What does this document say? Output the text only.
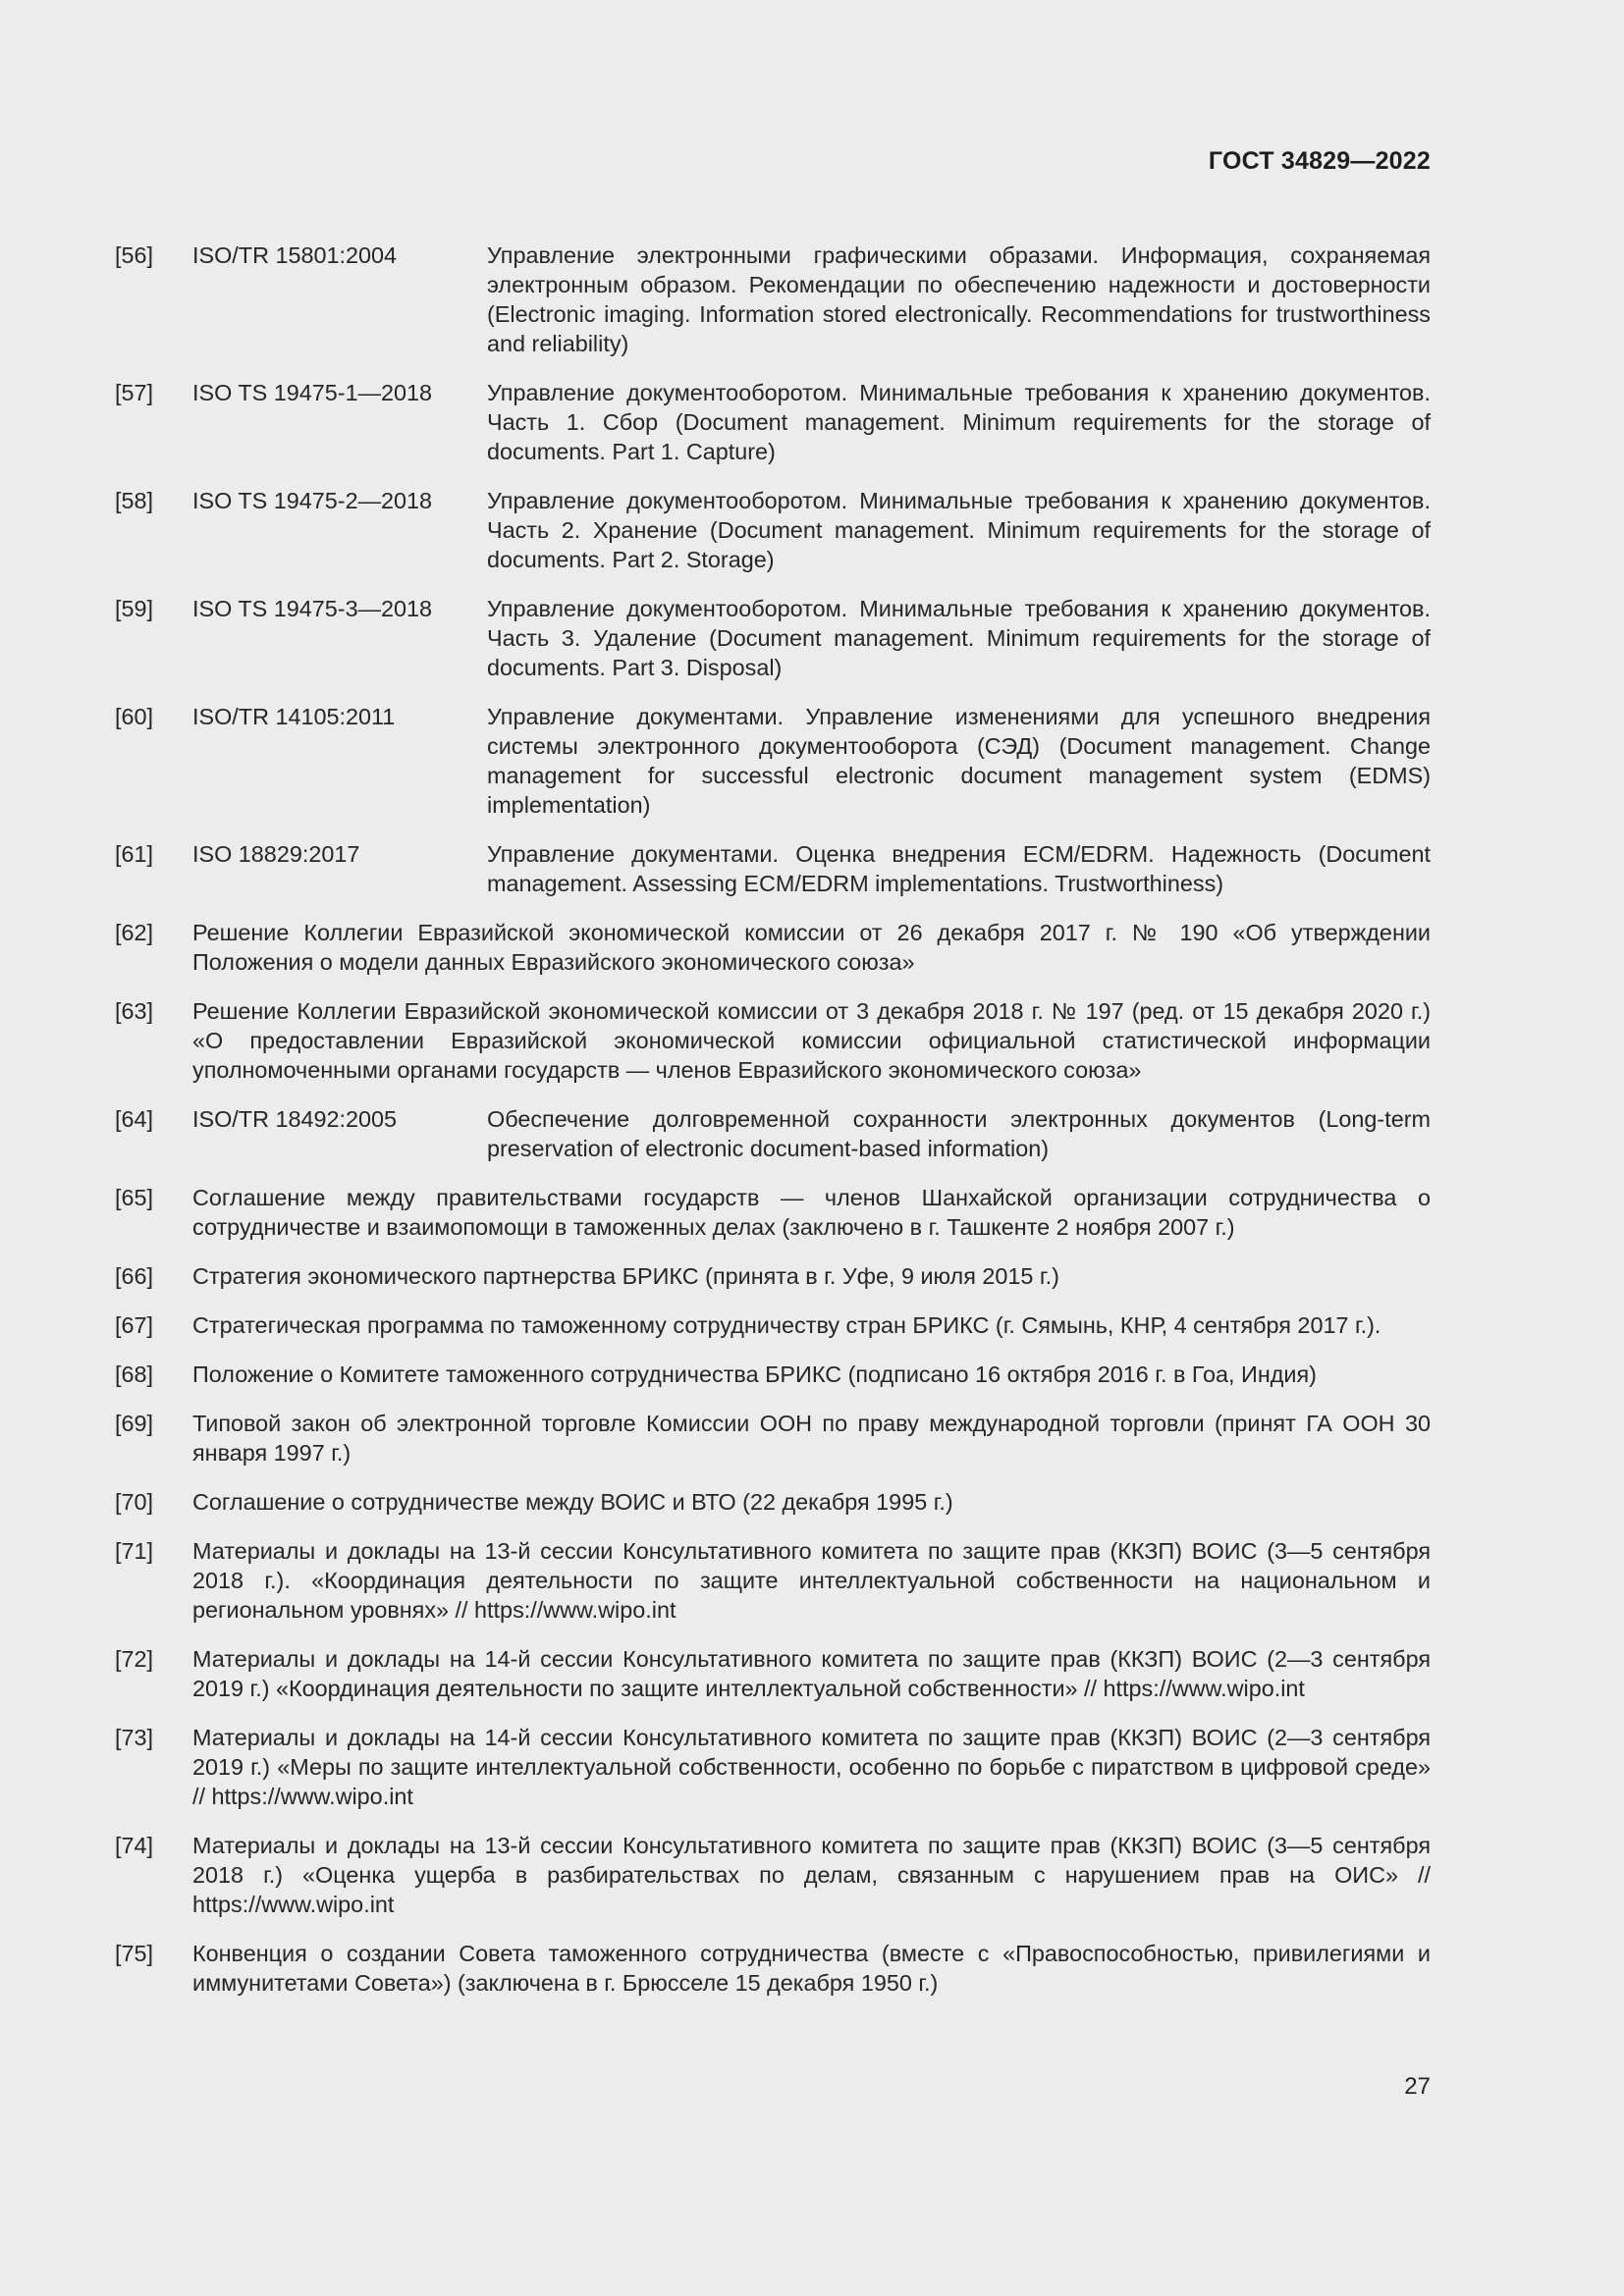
ГОСТ 34829—2022
[56]	ISO/TR 15801:2004	Управление электронными графическими образами. Информация, сохраняемая электронным образом. Рекомендации по обеспечению надежности и достоверности (Electronic imaging. Information stored electronically. Recommendations for trustworthiness and reliability)
[57]	ISO TS 19475-1—2018	Управление документооборотом. Минимальные требования к хранению документов. Часть 1. Сбор (Document management. Minimum requirements for the storage of documents. Part 1. Capture)
[58]	ISO TS 19475-2—2018	Управление документооборотом. Минимальные требования к хранению документов. Часть 2. Хранение (Document management. Minimum requirements for the storage of documents. Part 2. Storage)
[59]	ISO TS 19475-3—2018	Управление документооборотом. Минимальные требования к хранению документов. Часть 3. Удаление (Document management. Minimum requirements for the storage of documents. Part 3. Disposal)
[60]	ISO/TR 14105:2011	Управление документами. Управление изменениями для успешного внедрения системы электронного документооборота (СЭД) (Document management. Change management for successful electronic document management system (EDMS) implementation)
[61]	ISO 18829:2017	Управление документами. Оценка внедрения ECM/EDRM. Надежность (Document management. Assessing ECM/EDRM implementations. Trustworthiness)
[62]	Решение Коллегии Евразийской экономической комиссии от 26 декабря 2017 г. № 190 «Об утверждении Положения о модели данных Евразийского экономического союза»
[63]	Решение Коллегии Евразийской экономической комиссии от 3 декабря 2018 г. № 197 (ред. от 15 декабря 2020 г.) «О предоставлении Евразийской экономической комиссии официальной статистической информации уполномоченными органами государств — членов Евразийского экономического союза»
[64]	ISO/TR 18492:2005	Обеспечение долговременной сохранности электронных документов (Long-term preservation of electronic document-based information)
[65]	Соглашение между правительствами государств — членов Шанхайской организации сотрудничества о сотрудничестве и взаимопомощи в таможенных делах (заключено в г. Ташкенте 2 ноября 2007 г.)
[66]	Стратегия экономического партнерства БРИКС (принята в г. Уфе, 9 июля 2015 г.)
[67]	Стратегическая программа по таможенному сотрудничеству стран БРИКС (г. Сямынь, КНР, 4 сентября 2017 г.).
[68]	Положение о Комитете таможенного сотрудничества БРИКС (подписано 16 октября 2016 г. в Гоа, Индия)
[69]	Типовой закон об электронной торговле Комиссии ООН по праву международной торговли (принят ГА ООН 30 января 1997 г.)
[70]	Соглашение о сотрудничестве между ВОИС и ВТО (22 декабря 1995 г.)
[71]	Материалы и доклады на 13-й сессии Консультативного комитета по защите прав (ККЗП) ВОИС (3—5 сентября 2018 г.). «Координация деятельности по защите интеллектуальной собственности на национальном и региональном уровнях» // https://www.wipo.int
[72]	Материалы и доклады на 14-й сессии Консультативного комитета по защите прав (ККЗП) ВОИС (2—3 сентября 2019 г.) «Координация деятельности по защите интеллектуальной собственности» // https://www.wipo.int
[73]	Материалы и доклады на 14-й сессии Консультативного комитета по защите прав (ККЗП) ВОИС (2—3 сентября 2019 г.) «Меры по защите интеллектуальной собственности, особенно по борьбе с пиратством в цифровой среде» // https://www.wipo.int
[74]	Материалы и доклады на 13-й сессии Консультативного комитета по защите прав (ККЗП) ВОИС (3—5 сентября 2018 г.) «Оценка ущерба в разбирательствах по делам, связанным с нарушением прав на ОИС» // https://www.wipo.int
[75]	Конвенция о создании Совета таможенного сотрудничества (вместе с «Правоспособностью, привилегиями и иммунитетами Совета») (заключена в г. Брюсселе 15 декабря 1950 г.)
27
